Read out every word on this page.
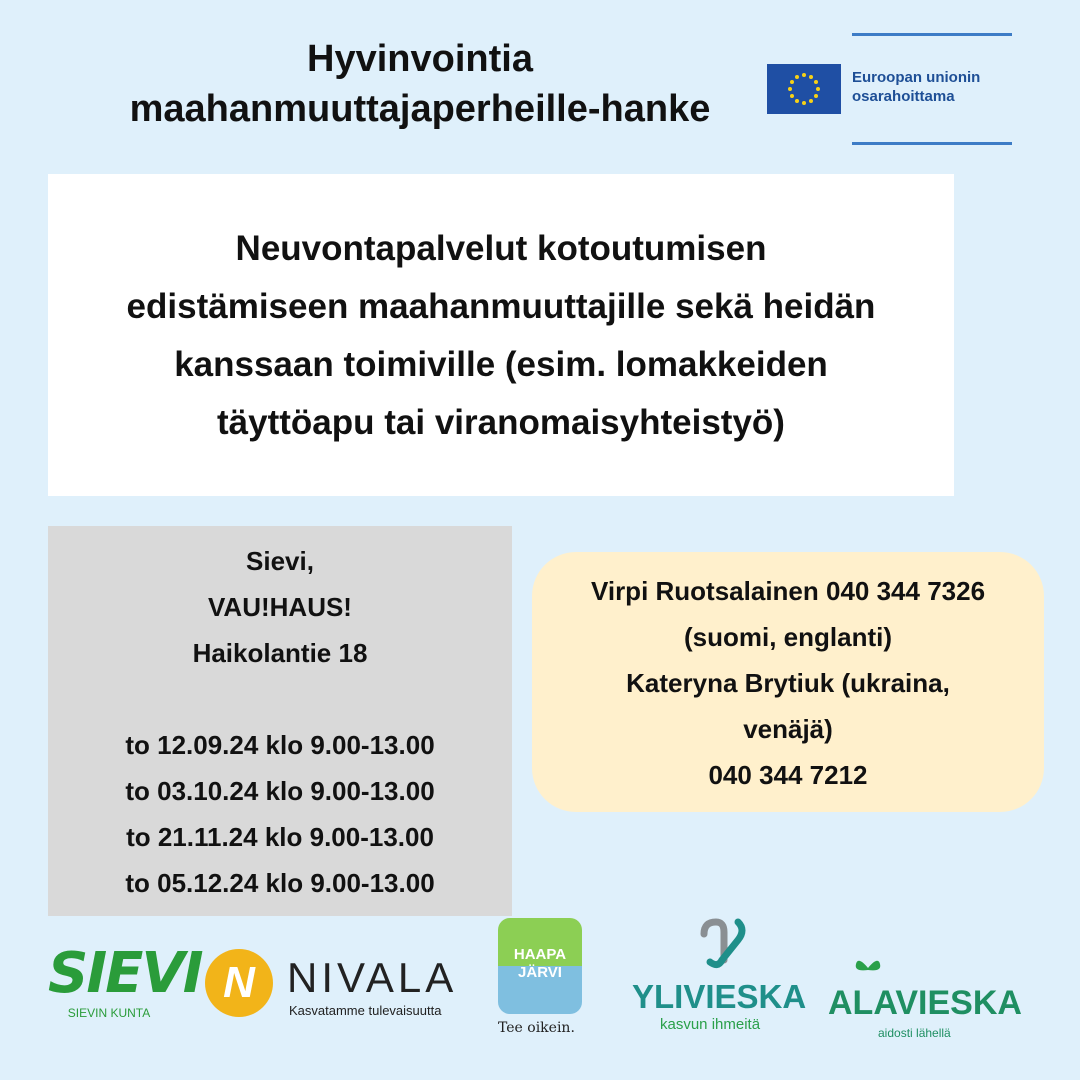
Hyvinvointia
maahanmuuttajaperheille-hanke
Euroopan unionin
osarahoittama
Neuvontapalvelut kotoutumisen
edistämiseen maahanmuuttajille sekä heidän
kanssaan toimiville (esim. lomakkeiden
täyttöapu tai viranomaisyhteistyö)
Sievi,
VAU!HAUS!
Haikolantie 18
to 12.09.24 klo 9.00-13.00
to 03.10.24 klo 9.00-13.00
to 21.11.24 klo 9.00-13.00
to 05.12.24 klo 9.00-13.00
Virpi Ruotsalainen 040 344 7326
(suomi, englanti)
Kateryna Brytiuk (ukraina,
venäjä)
040 344 7212
SIEVI
SIEVIN KUNTA
N NIVALA
Kasvatamme tulevaisuutta
HAAPA
JÄRVI
Tee oikein.
YLIVIESKA
kasvun ihmeitä
ALAVIESKA
aidosti lähellä
